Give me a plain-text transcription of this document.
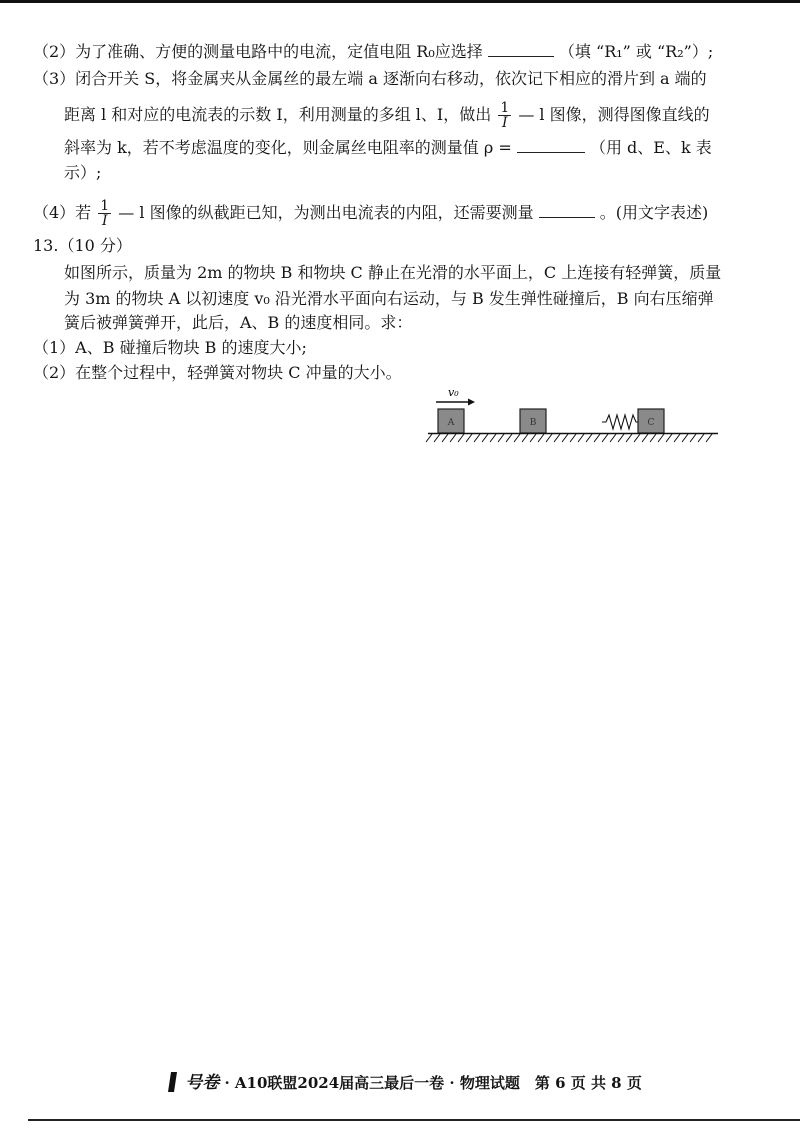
（2）为了准确、方便的测量电路中的电流，定值电阻 R₀应选择	（填 “R₁” 或 “R₂”）;
（3）闭合开关 S，将金属夹从金属丝的最左端 a 逐渐向右移动，依次记下相应的滑片到 a 端的
距离 l 和对应的电流表的示数 I，利用测量的多组 l、I，做出 $\frac{1}{I}$ — l 图像，测得图像直线的
斜率为 k，若不考虑温度的变化，则金属丝电阻率的测量值 ρ =	（用 d、E、k 表
示）;
（4）若 $\frac{1}{I}$ — l 图像的纵截距已知，为测出电流表的内阻，还需要测量	。(用文字表述)
13.（10 分）
如图所示，质量为 2m 的物块 B 和物块 C 静止在光滑的水平面上，C 上连接有轻弹簧，质量
为 3m 的物块 A 以初速度 v₀ 沿光滑水平面向右运动，与 B 发生弹性碰撞后，B 向右压缩弹
簧后被弹簧弹开，此后，A、B 的速度相同。求：
（1）A、B 碰撞后物块 B 的速度大小;
（2）在整个过程中，轻弹簧对物块 C 冲量的大小。
v₀
A	B	C
号卷 · A10联盟2024届高三最后一卷 · 物理试题　第 6 页 共 8 页
